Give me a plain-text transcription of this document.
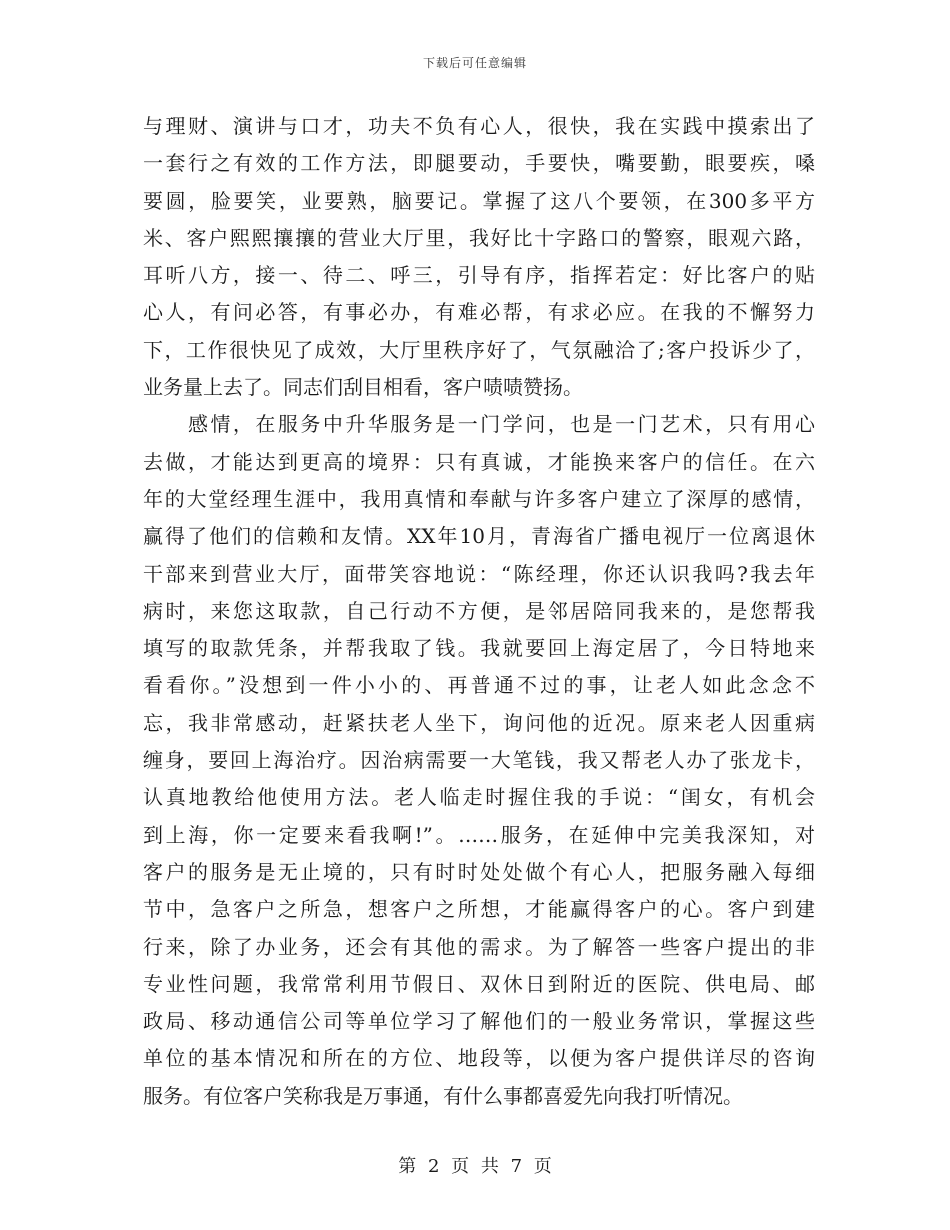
下载后可任意编辑
与理财、演讲与口才，功夫不负有心人，很快，我在实践中摸索出了
一套行之有效的工作方法，即腿要动，手要快，嘴要勤，眼要疾，嗓
要圆，脸要笑，业要熟，脑要记。掌握了这八个要领，在300多平方
米、客户熙熙攘攘的营业大厅里，我好比十字路口的警察，眼观六路，
耳听八方，接一、待二、呼三，引导有序，指挥若定：好比客户的贴
心人，有问必答，有事必办，有难必帮，有求必应。在我的不懈努力
下，工作很快见了成效，大厅里秩序好了，气氛融洽了;客户投诉少了，
业务量上去了。同志们刮目相看，客户啧啧赞扬。
　　感情，在服务中升华服务是一门学问，也是一门艺术，只有用心
去做，才能达到更高的境界：只有真诚，才能换来客户的信任。在六
年的大堂经理生涯中，我用真情和奉献与许多客户建立了深厚的感情，
赢得了他们的信赖和友情。XX年10月，青海省广播电视厅一位离退休
干部来到营业大厅，面带笑容地说：“陈经理，你还认识我吗?我去年
病时，来您这取款，自己行动不方便，是邻居陪同我来的，是您帮我
填写的取款凭条，并帮我取了钱。我就要回上海定居了，今日特地来
看看你。”没想到一件小小的、再普通不过的事，让老人如此念念不
忘，我非常感动，赶紧扶老人坐下，询问他的近况。原来老人因重病
缠身，要回上海治疗。因治病需要一大笔钱，我又帮老人办了张龙卡，
认真地教给他使用方法。老人临走时握住我的手说：“闺女，有机会
到上海，你一定要来看我啊!”。……服务，在延伸中完美我深知，对
客户的服务是无止境的，只有时时处处做个有心人，把服务融入每细
节中，急客户之所急，想客户之所想，才能赢得客户的心。客户到建
行来，除了办业务，还会有其他的需求。为了解答一些客户提出的非
专业性问题，我常常利用节假日、双休日到附近的医院、供电局、邮
政局、移动通信公司等单位学习了解他们的一般业务常识，掌握这些
单位的基本情况和所在的方位、地段等，以便为客户提供详尽的咨询
服务。有位客户笑称我是万事通，有什么事都喜爱先向我打听情况。
第 2 页 共 7 页
